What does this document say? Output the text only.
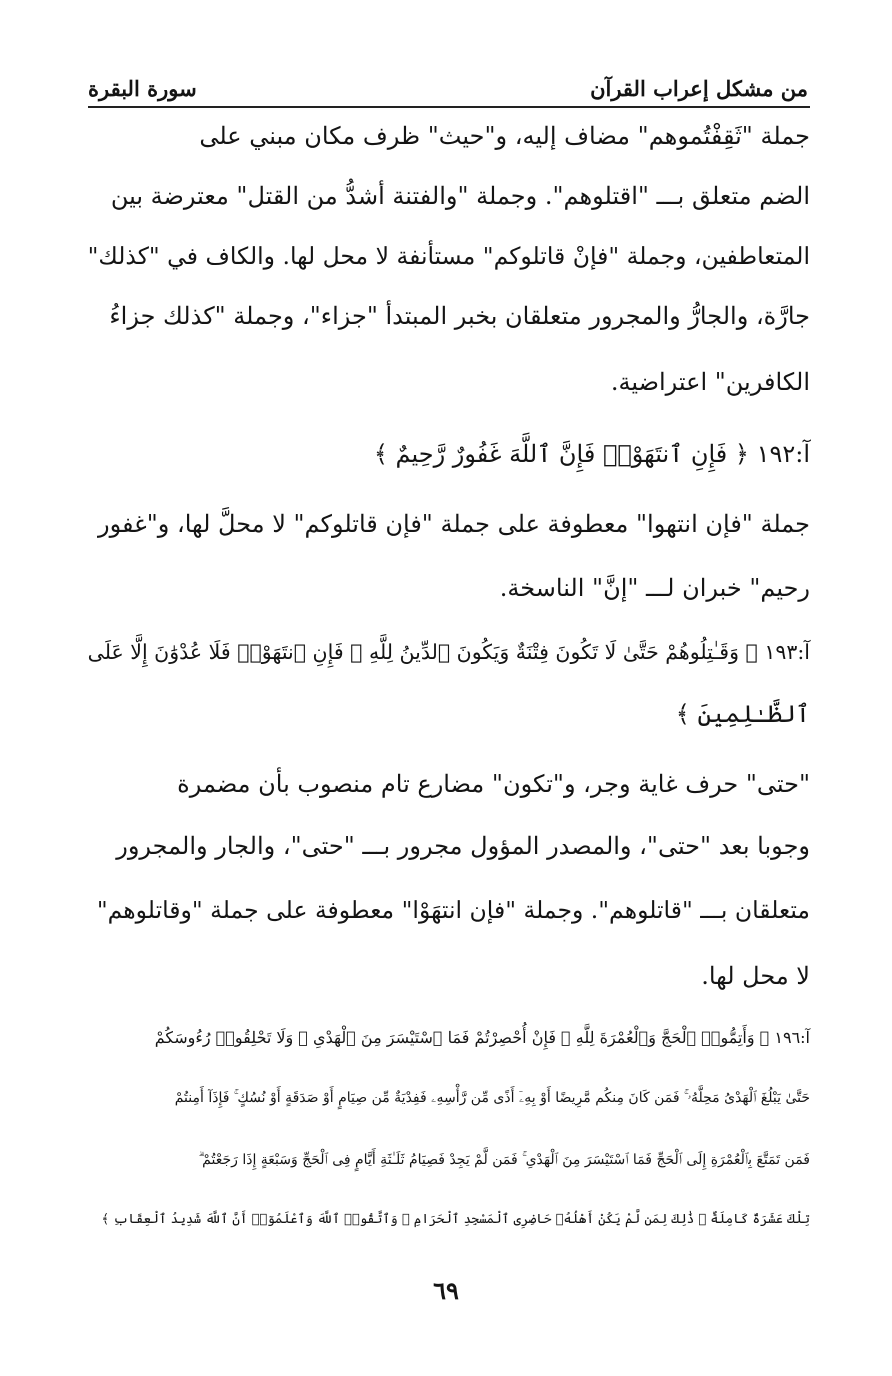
من مشكل إعراب القرآن
سورة البقرة
جملة "ثَقِفْتُموهم" مضاف إليه، و"حيث" ظرف مكان مبني على
الضم متعلق بـــ "اقتلوهم". وجملة "والفتنة أشدُّ من القتل" معترضة بين
المتعاطفين، وجملة "فإنْ قاتلوكم" مستأنفة لا محل لها. والكاف في "كذلك"
جارَّة، والجارُّ والمجرور متعلقان بخبر المبتدأ "جزاء"، وجملة "كذلك جزاءُ
الكافرين" اعتراضية.
آ:١٩٢ ﴿ فَإِنِ ٱنتَهَوْا۟ فَإِنَّ ٱللَّهَ غَفُورٌ رَّحِيمٌ ﴾
جملة "فإن انتهوا" معطوفة على جملة "فإن قاتلوكم" لا محلَّ لها، و"غفور
رحيم" خبران لـــ "إنَّ" الناسخة.
آ:١٩٣ ﴿ وَقَـٰتِلُوهُمْ حَتَّىٰ لَا تَكُونَ فِتْنَةٌ وَيَكُونَ ٱلدِّينُ لِلَّهِ ۖ فَإِنِ ٱنتَهَوْا۟ فَلَا عُدْوَٰنَ إِلَّا عَلَى
ٱلظَّـٰلِمِينَ ﴾
"حتى" حرف غاية وجر، و"تكون" مضارع تام منصوب بأن مضمرة
وجوبا بعد "حتى"، والمصدر المؤول مجرور بـــ "حتى"، والجار والمجرور
متعلقان بـــ "قاتلوهم". وجملة "فإن انتهَوْا" معطوفة على جملة "وقاتلوهم"
لا محل لها.
آ:١٩٦ ﴿ وَأَتِمُّوا۟ ٱلْحَجَّ وَٱلْعُمْرَةَ لِلَّهِ ۚ فَإِنْ أُحْصِرْتُمْ فَمَا ٱسْتَيْسَرَ مِنَ ٱلْهَدْىِ ۖ وَلَا تَحْلِقُوا۟ رُءُوسَكُمْ
حَتَّىٰ يَبْلُغَ ٱلْهَدْىُ مَحِلَّهُۥ ۚ فَمَن كَانَ مِنكُم مَّرِيضًا أَوْ بِهِۦٓ أَذًى مِّن رَّأْسِهِۦ فَفِدْيَةٌ مِّن صِيَامٍ أَوْ صَدَقَةٍ أَوْ نُسُكٍ ۚ فَإِذَآ أَمِنتُمْ
فَمَن تَمَتَّعَ بِٱلْعُمْرَةِ إِلَى ٱلْحَجِّ فَمَا ٱسْتَيْسَرَ مِنَ ٱلْهَدْىِ ۚ فَمَن لَّمْ يَجِدْ فَصِيَامُ ثَلَـٰثَةِ أَيَّامٍ فِى ٱلْحَجِّ وَسَبْعَةٍ إِذَا رَجَعْتُمْ ۗ
تِلْكَ عَشَرَةٌ كَامِلَةٌ ۗ ذَٰلِكَ لِمَن لَّمْ يَكُنْ أَهْلُهُۥ حَاضِرِى ٱلْمَسْجِدِ ٱلْحَرَامِ ۚ وَٱتَّقُوا۟ ٱللَّهَ وَٱعْلَمُوٓا۟ أَنَّ ٱللَّهَ شَدِيدُ ٱلْعِقَابِ ﴾
٦٩
